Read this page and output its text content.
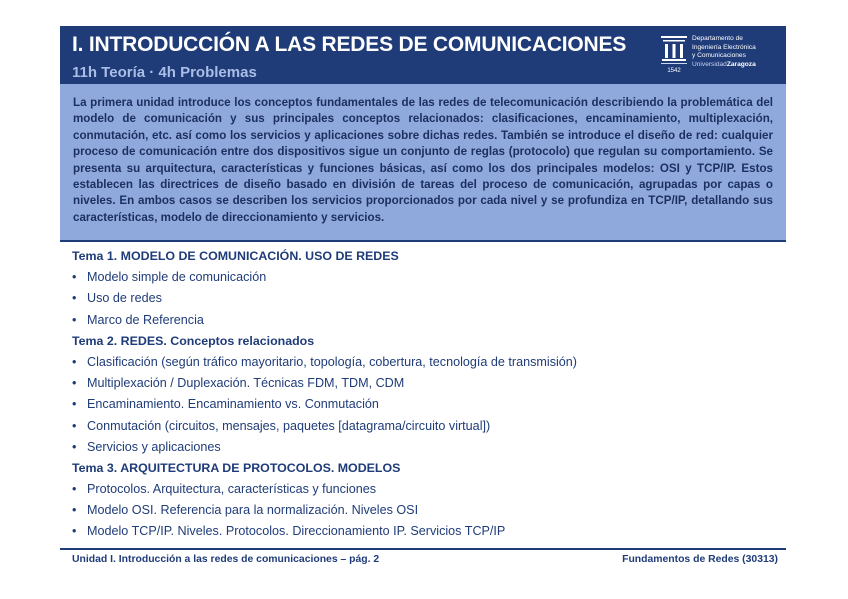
I. INTRODUCCIÓN A LAS REDES DE COMUNICACIONES
11h Teoría · 4h Problemas	1542
Departamento de
Ingeniería Electrónica
y Comunicaciones
UniversidadZaragoza

La primera unidad introduce los conceptos fundamentales de las redes de telecomunicación describiendo la problemática del modelo de comunicación y sus principales conceptos relacionados: clasificaciones, encaminamiento, multiplexación, conmutación, etc. así como los servicios y aplicaciones sobre dichas redes. También se introduce el diseño de red: cualquier proceso de comunicación entre dos dispositivos sigue un conjunto de reglas (protocolo) que regulan su comportamiento. Se presenta su arquitectura, características y funciones básicas, así como los dos principales modelos: OSI y TCP/IP. Estos establecen las directrices de diseño basado en división de tareas del proceso de comunicación, agrupadas por capas o niveles. En ambos casos se describen los servicios proporcionados por cada nivel y se profundiza en TCP/IP, detallando sus características, modelo de direccionamiento y servicios.

Tema 1. MODELO DE COMUNICACIÓN. USO DE REDES
• Modelo simple de comunicación
• Uso de redes
• Marco de Referencia
Tema 2. REDES. Conceptos relacionados
• Clasificación (según tráfico mayoritario, topología, cobertura, tecnología de transmisión)
• Multiplexación / Duplexación. Técnicas FDM, TDM, CDM
• Encaminamiento. Encaminamiento vs. Conmutación
• Conmutación (circuitos, mensajes, paquetes [datagrama/circuito virtual])
• Servicios y aplicaciones
Tema 3. ARQUITECTURA DE PROTOCOLOS. MODELOS
• Protocolos. Arquitectura, características y funciones
• Modelo OSI. Referencia para la normalización. Niveles OSI
• Modelo TCP/IP. Niveles. Protocolos. Direccionamiento IP. Servicios TCP/IP
Unidad I. Introducción a las redes de comunicaciones – pág. 2	Fundamentos de Redes (30313)
